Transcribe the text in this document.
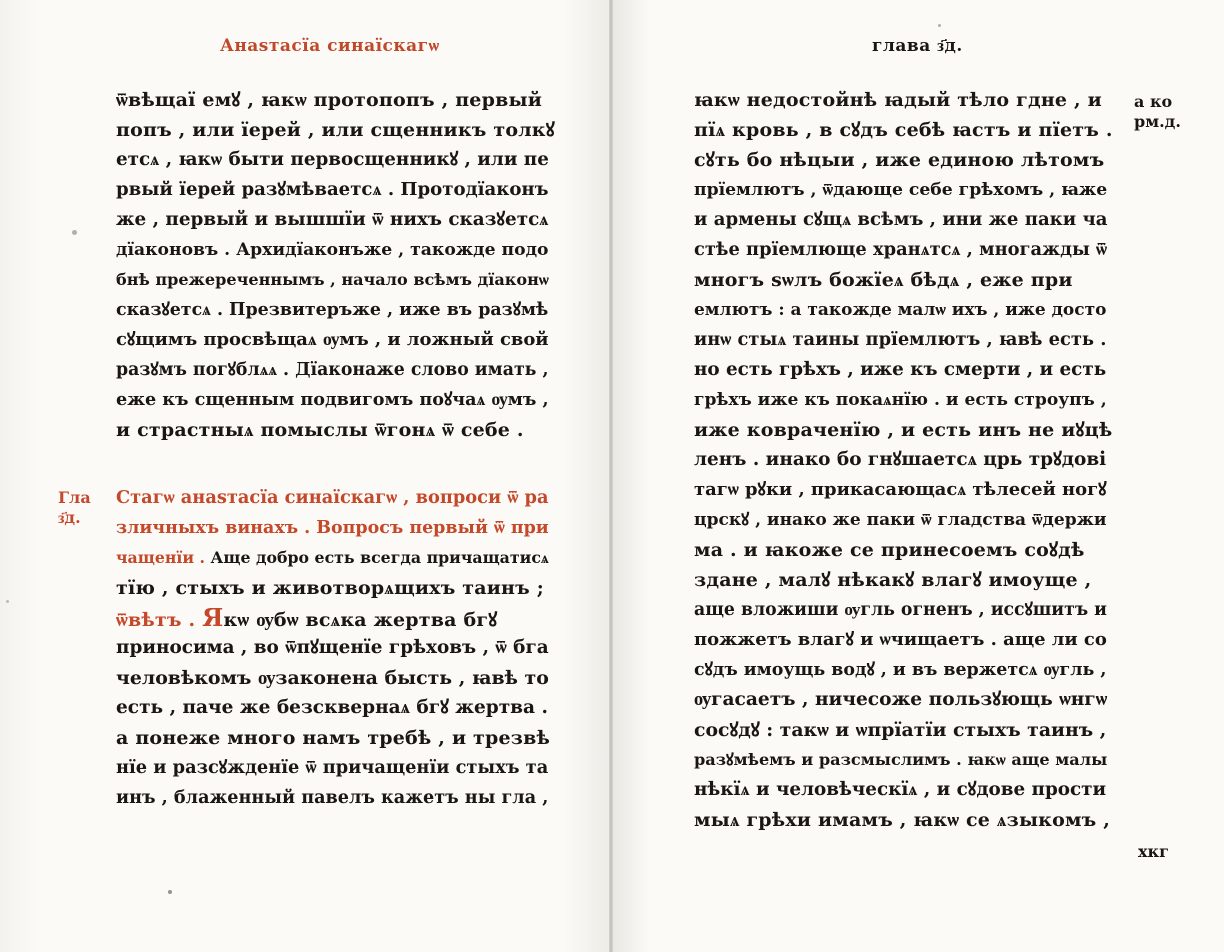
Анаѕтасїа синаїскагѡ
Гла
з҃д.
ѿвѣщаї емꙋ , ꙗкѡ протопопъ , первый
попъ , или їерей , или сщенникъ толкꙋ
етсѧ , ꙗкѡ быти первосщенникꙋ , или пе
рвый їерей разꙋмѣваетсѧ . Протодїаконъ
же , первый и вышшїи ѿ нихъ сказꙋетсѧ
дїаконовъ . Архидїаконъже , такожде подо
бнѣ прежереченнымъ , начало всѣмъ дїаконѡ
сказꙋетсѧ . Презвитеръже , иже въ разꙋмѣ
сꙋщимъ просвѣщаѧ ѹмъ , и ложный свой
разꙋмъ погꙋблѧѧ . Дїаконаже слово имать ,
еже къ сщенным подвигомъ поꙋчаѧ ѹмъ ,
и страстныѧ помыслы ѿгонѧ ѿ себе .
Стагѡ анаѕтасїа синаїскагѡ , вопроси ѿ ра
зличныхъ винахъ . Вопросъ первый ѿ при
чащенїи . Аще добро есть всегда причащатисѧ
тїю , стыхъ и животворѧщихъ таинъ ;
ѿвѣтъ . Якѡ ѹбѡ всѧка жертва бгꙋ
приносима , во ѿпꙋщенїе грѣховъ , ѿ бга
человѣкомъ ѹзаконена бысть , ꙗвѣ то
есть , паче же безсквернаѧ бгꙋ жертва .
а понеже много намъ требѣ , и трезвѣ
нїе и разсꙋжденїе ѿ причащенїи стыхъ та
инъ , блаженный павелъ кажетъ ны гла ,
глава з҃д.
а ко
рм.д.
хкг
ꙗкѡ недостойнѣ ꙗдый тѣло гдне , и
пїѧ кровь , в сꙋдъ себѣ ꙗстъ и пїетъ .
сꙋть бо нѣцыи , иже единою лѣтомъ
прїемлютъ , ѿдающе себе грѣхомъ , ꙗже
и армены сꙋщѧ всѣмъ , ини же паки ча
стѣе прїемлюще хранѧтсѧ , многажды ѿ
многъ ѕѡлъ божїеѧ бѣдѧ , еже при
емлютъ : а такожде малѡ ихъ , иже досто
инѡ стыѧ таины прїемлютъ , ꙗвѣ есть .
но есть грѣхъ , иже къ смерти , и есть
грѣхъ иже къ покаѧнїю . и есть строупъ ,
иже ковраченїю , и есть инъ не иꙋцѣ
ленъ . инако бо гнꙋшаетсѧ црь трꙋдові
тагѡ рꙋки , прикасающасѧ тѣлесей ногꙋ
црскꙋ , инако же паки ѿ гладства ѿдержи
ма . и ꙗкоже се принесоемъ соꙋдѣ
здане , малꙋ нѣкакꙋ влагꙋ имоуще ,
аще вложиши ѹгль огненъ , иссꙋшитъ и
пожжетъ влагꙋ и ѡчищаетъ . аще ли со
сꙋдъ имоущь водꙋ , и въ вержетсѧ ѹгль ,
ѹгасаетъ , ничесоже пользꙋющь ѡнгѡ
сосꙋдꙋ : такѡ и ѡпрїатїи стыхъ таинъ ,
разꙋмѣемъ и разсмыслимъ . ꙗкѡ аще малы
нѣкїѧ и человѣческїѧ , и сꙋдове прости
мыѧ грѣхи имамъ , ꙗкѡ се ѧзыкомъ ,
